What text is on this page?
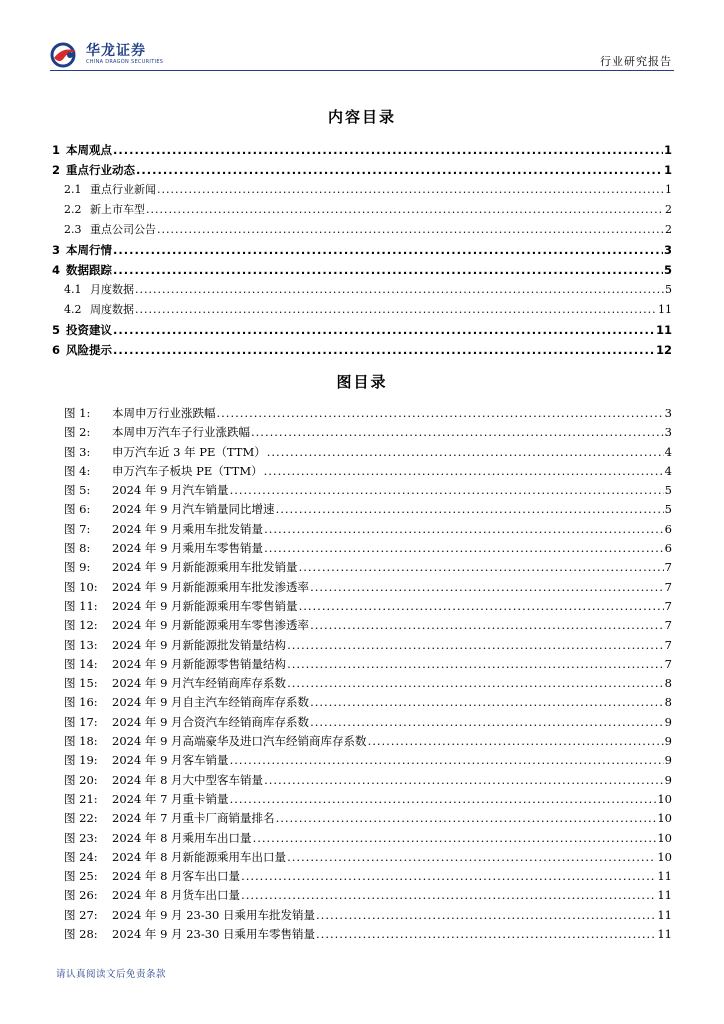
华龙证券
CHINA DRAGON SECURITIES	行业研究报告
内容目录
1 本周观点 .....	1
2 重点行业动态 .....	1
2.1 重点行业新闻 .....	1
2.2 新上市车型 .....	2
2.3 重点公司公告 .....	2
3 本周行情 .....	3
4 数据跟踪 .....	5
4.1 月度数据 .....	5
4.2 周度数据 .....	11
5 投资建议 .....	11
6 风险提示 .....	12
图目录
图 1: 本周申万行业涨跌幅 .....	3
图 2: 本周申万汽车子行业涨跌幅 .....	3
图 3: 申万汽车近 3 年 PE（TTM） .....	4
图 4: 申万汽车子板块 PE（TTM） .....	4
图 5: 2024 年 9 月汽车销量 .....	5
图 6: 2024 年 9 月汽车销量同比增速 .....	5
图 7: 2024 年 9 月乘用车批发销量 .....	6
图 8: 2024 年 9 月乘用车零售销量 .....	6
图 9: 2024 年 9 月新能源乘用车批发销量 .....	7
图 10: 2024 年 9 月新能源乘用车批发渗透率 .....	7
图 11: 2024 年 9 月新能源乘用车零售销量 .....	7
图 12: 2024 年 9 月新能源乘用车零售渗透率 .....	7
图 13: 2024 年 9 月新能源批发销量结构 .....	7
图 14: 2024 年 9 月新能源零售销量结构 .....	7
图 15: 2024 年 9 月汽车经销商库存系数 .....	8
图 16: 2024 年 9 月自主汽车经销商库存系数 .....	8
图 17: 2024 年 9 月合资汽车经销商库存系数 .....	9
图 18: 2024 年 9 月高端豪华及进口汽车经销商库存系数 .....	9
图 19: 2024 年 9 月客车销量 .....	9
图 20: 2024 年 8 月大中型客车销量 .....	9
图 21: 2024 年 7 月重卡销量 .....	10
图 22: 2024 年 7 月重卡厂商销量排名 .....	10
图 23: 2024 年 8 月乘用车出口量 .....	10
图 24: 2024 年 8 月新能源乘用车出口量 .....	10
图 25: 2024 年 8 月客车出口量 .....	11
图 26: 2024 年 8 月货车出口量 .....	11
图 27: 2024 年 9 月 23-30 日乘用车批发销量 .....	11
图 28: 2024 年 9 月 23-30 日乘用车零售销量 .....	11
请认真阅读文后免责条款
